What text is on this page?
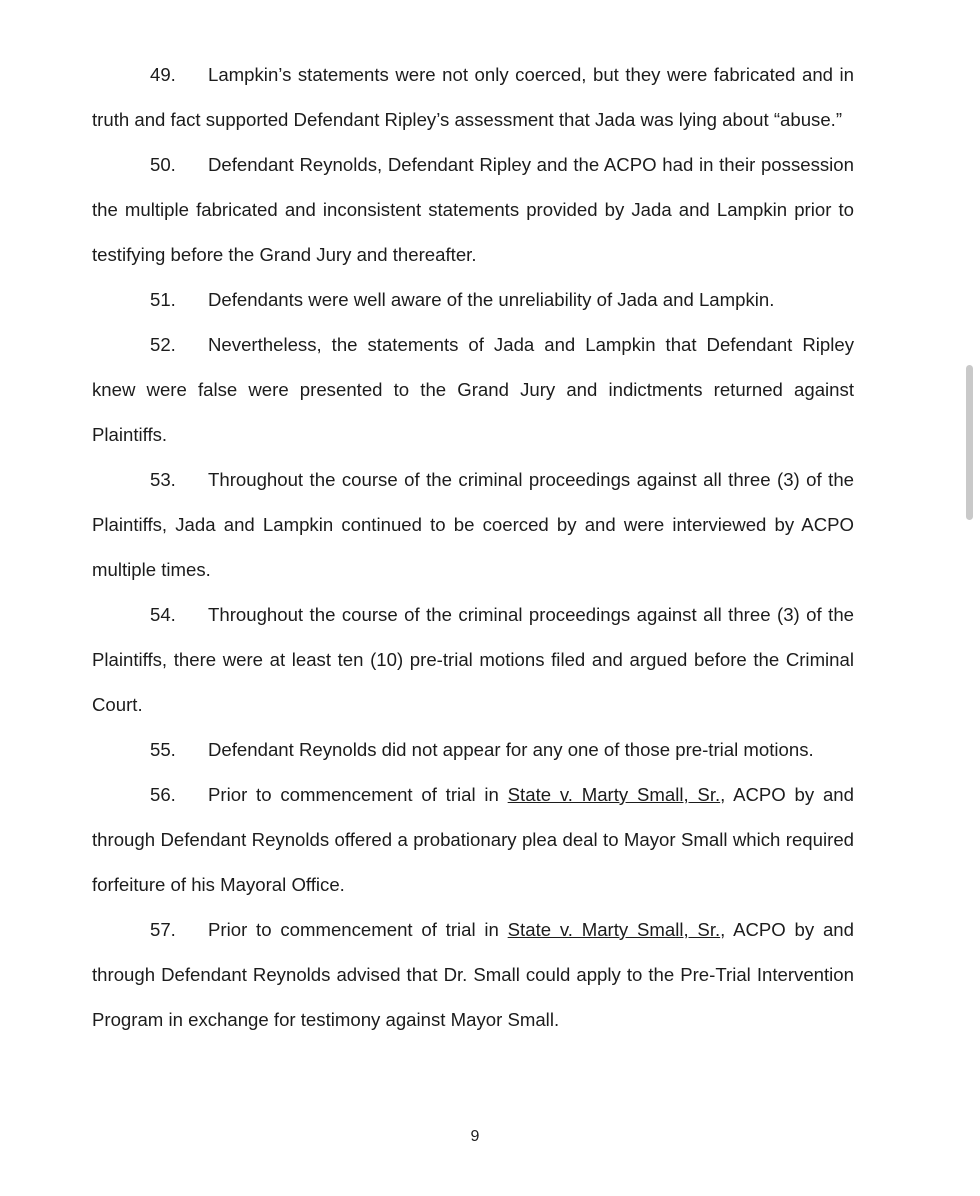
49. Lampkin’s statements were not only coerced, but they were fabricated and in truth and fact supported Defendant Ripley’s assessment that Jada was lying about “abuse.”

50. Defendant Reynolds, Defendant Ripley and the ACPO had in their possession the multiple fabricated and inconsistent statements provided by Jada and Lampkin prior to testifying before the Grand Jury and thereafter.

51. Defendants were well aware of the unreliability of Jada and Lampkin.

52. Nevertheless, the statements of Jada and Lampkin that Defendant Ripley knew were false were presented to the Grand Jury and indictments returned against Plaintiffs.

53. Throughout the course of the criminal proceedings against all three (3) of the Plaintiffs, Jada and Lampkin continued to be coerced by and were interviewed by ACPO multiple times.

54. Throughout the course of the criminal proceedings against all three (3) of the Plaintiffs, there were at least ten (10) pre-trial motions filed and argued before the Criminal Court.

55. Defendant Reynolds did not appear for any one of those pre-trial motions.

56. Prior to commencement of trial in State v. Marty Small, Sr., ACPO by and through Defendant Reynolds offered a probationary plea deal to Mayor Small which required forfeiture of his Mayoral Office.

57. Prior to commencement of trial in State v. Marty Small, Sr., ACPO by and through Defendant Reynolds advised that Dr. Small could apply to the Pre-Trial Intervention Program in exchange for testimony against Mayor Small.

9
